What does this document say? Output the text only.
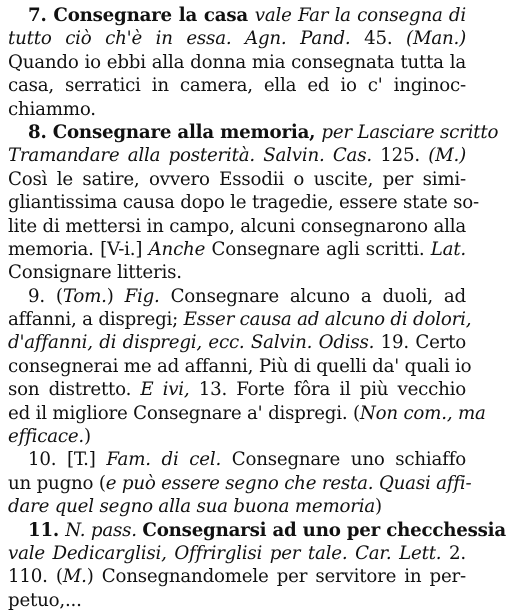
7. Consegnare la casa vale Far la consegna di
tutto ciò ch'è in essa. Agn. Pand. 45. (Man.)
Quando io ebbi alla donna mia consegnata tutta la
casa, serratici in camera, ella ed io c' inginoc-
chiammo.
8. Consegnare alla memoria, per Lasciare scritto
Tramandare alla posterità. Salvin. Cas. 125. (M.)
Così le satire, ovvero Essodii o uscite, per simi-
gliantissima causa dopo le tragedie, essere state so-
lite di mettersi in campo, alcuni consegnarono alla
memoria. [V-i.] Anche Consegnare agli scritti. Lat.
Consignare litteris.
9. (Tom.) Fig. Consegnare alcuno a duoli, ad
affanni, a dispregi; Esser causa ad alcuno di dolori,
d'affanni, di dispregi, ecc. Salvin. Odiss. 19. Certo
consegnerai me ad affanni, Più di quelli da' quali io
son distretto. E ivi, 13. Forte fôra il più vecchio
ed il migliore Consegnare a' dispregi. (Non com., ma
efficace.)
10. [T.] Fam. di cel. Consegnare uno schiaffo
un pugno (e può essere segno che resta. Quasi affi-
dare quel segno alla sua buona memoria)
11. N. pass. Consegnarsi ad uno per checchessia
vale Dedicarglisi, Offrirglisi per tale. Car. Lett. 2.
110. (M.) Consegnandomele per servitore in per-
petuo,...
